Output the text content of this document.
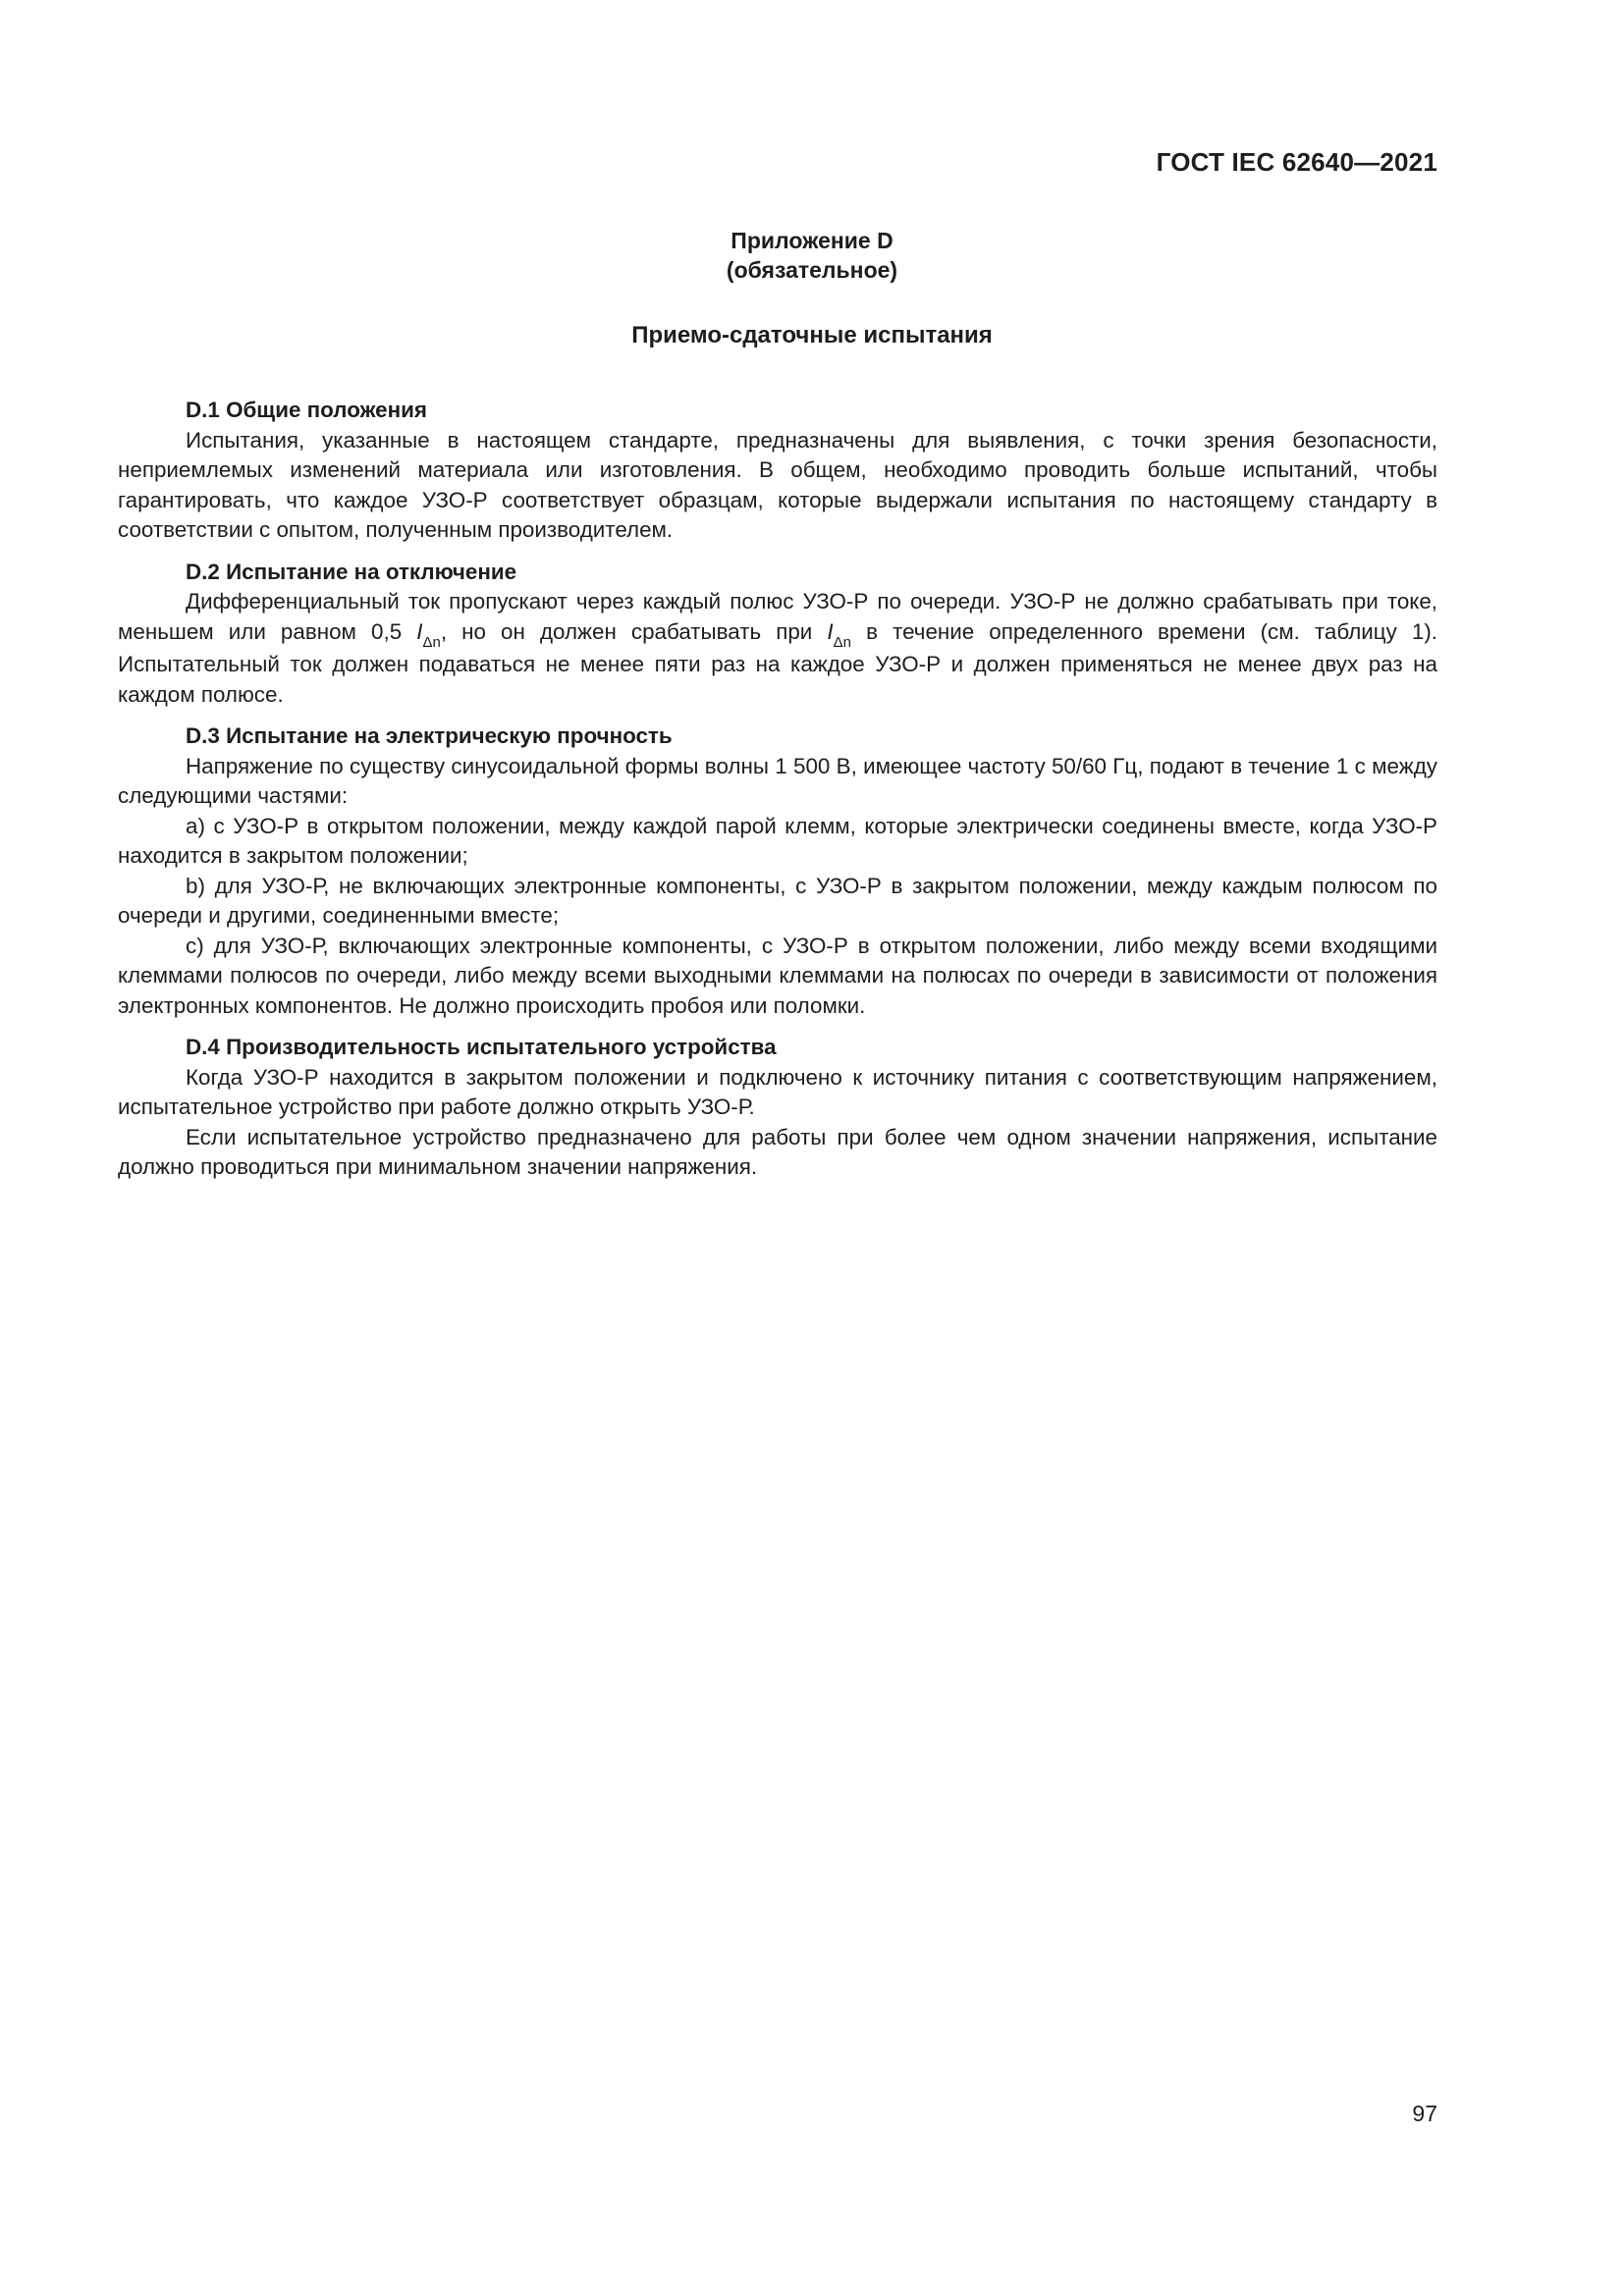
ГОСТ IEC 62640—2021
Приложение D
(обязательное)
Приемо-сдаточные испытания

D.1 Общие положения

Испытания, указанные в настоящем стандарте, предназначены для выявления, с точки зрения безопасности, неприемлемых изменений материала или изготовления. В общем, необходимо проводить больше испытаний, чтобы гарантировать, что каждое УЗО-Р соответствует образцам, которые выдержали испытания по настоящему стандарту в соответствии с опытом, полученным производителем.

D.2 Испытание на отключение

Дифференциальный ток пропускают через каждый полюс УЗО-Р по очереди. УЗО-Р не должно срабатывать при токе, меньшем или равном 0,5 $I_{\Delta n}$, но он должен срабатывать при $I_{\Delta n}$ в течение определенного времени (см. таблицу 1). Испытательный ток должен подаваться не менее пяти раз на каждое УЗО-Р и должен применяться не менее двух раз на каждом полюсе.

D.3 Испытание на электрическую прочность

Напряжение по существу синусоидальной формы волны 1 500 В, имеющее частоту 50/60 Гц, подают в течение 1 с между следующими частями:

a) с УЗО-Р в открытом положении, между каждой парой клемм, которые электрически соединены вместе, когда УЗО-Р находится в закрытом положении;

b) для УЗО-Р, не включающих электронные компоненты, с УЗО-Р в закрытом положении, между каждым полюсом по очереди и другими, соединенными вместе;

c) для УЗО-Р, включающих электронные компоненты, с УЗО-Р в открытом положении, либо между всеми входящими клеммами полюсов по очереди, либо между всеми выходными клеммами на полюсах по очереди в зависимости от положения электронных компонентов. Не должно происходить пробоя или поломки.

D.4 Производительность испытательного устройства

Когда УЗО-Р находится в закрытом положении и подключено к источнику питания с соответствующим напряжением, испытательное устройство при работе должно открыть УЗО-Р.

Если испытательное устройство предназначено для работы при более чем одном значении напряжения, испытание должно проводиться при минимальном значении напряжения.

97
